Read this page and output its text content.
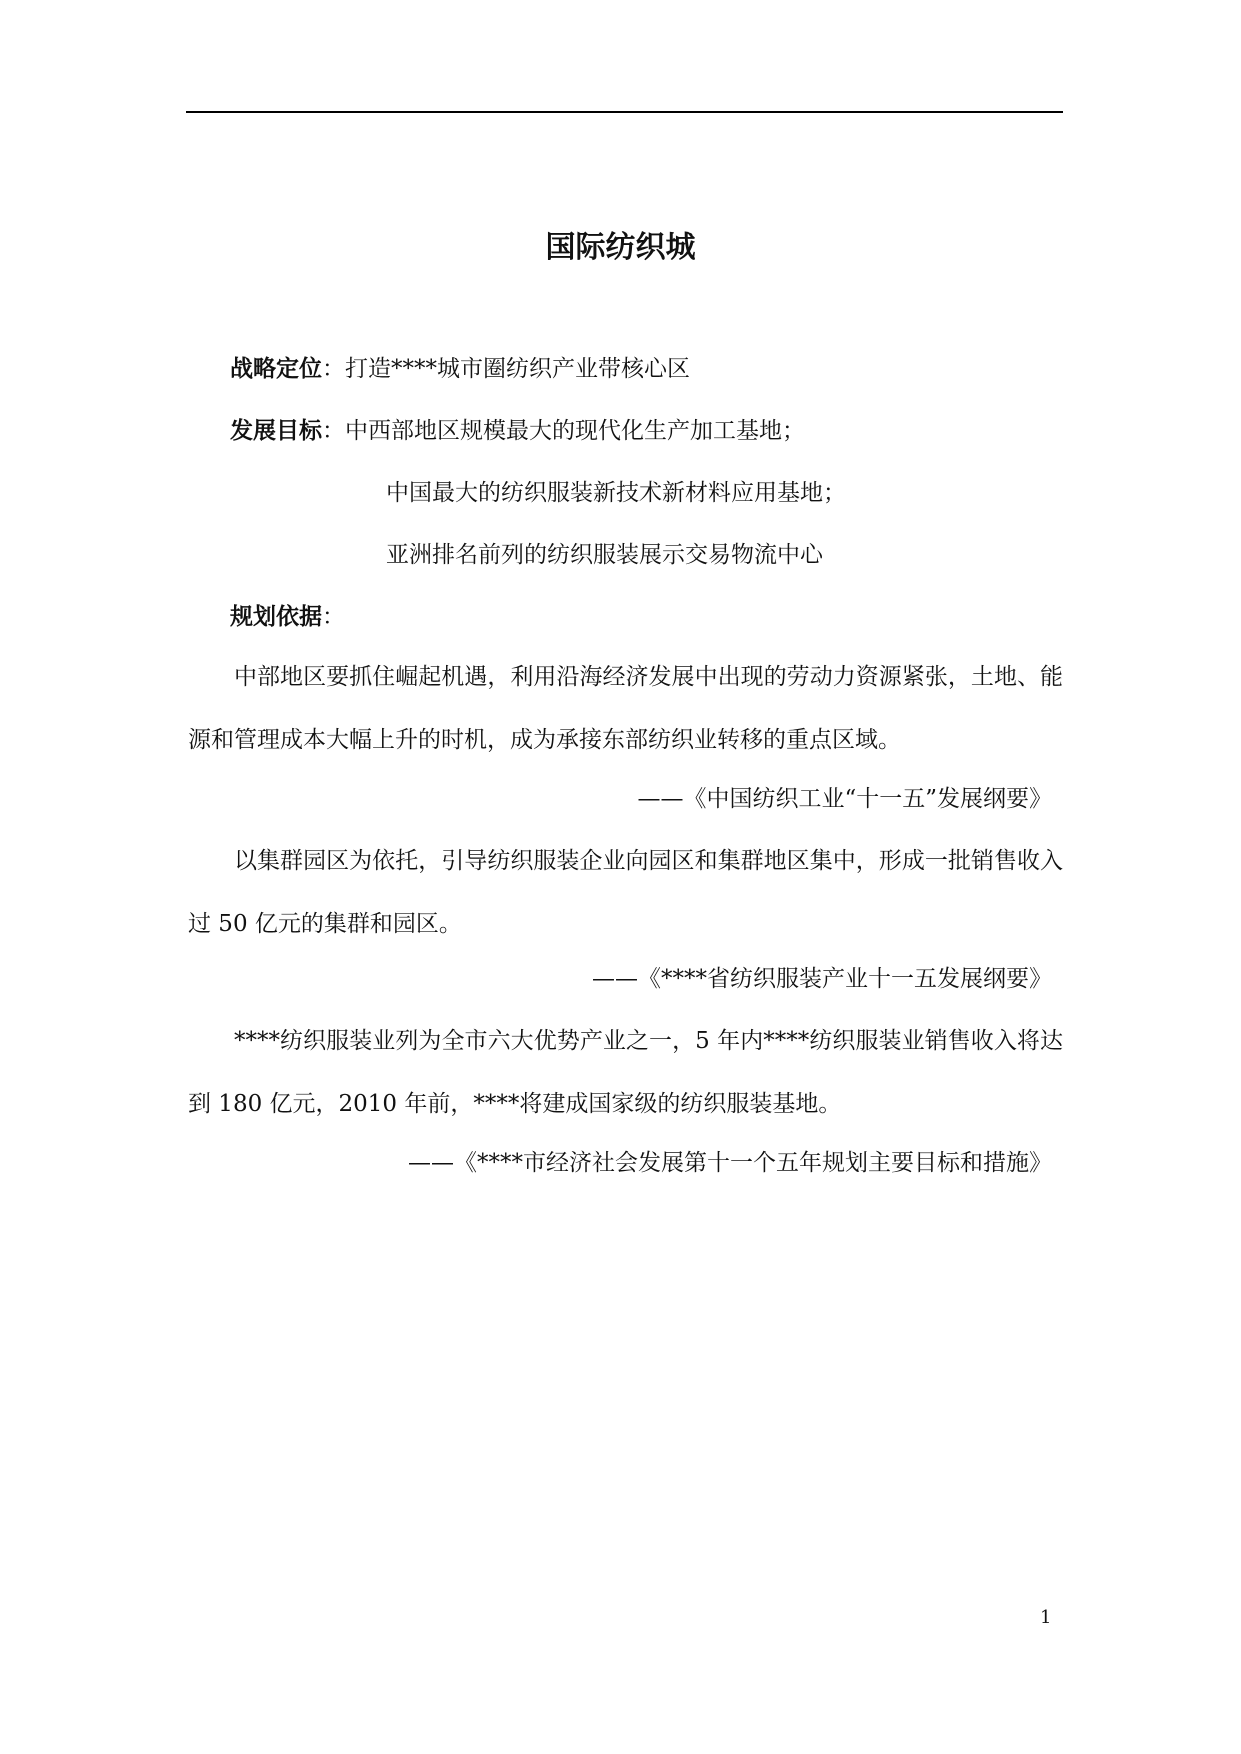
国际纺织城
战略定位：打造****城市圈纺织产业带核心区
发展目标：中西部地区规模最大的现代化生产加工基地；
中国最大的纺织服装新技术新材料应用基地；
亚洲排名前列的纺织服装展示交易物流中心
规划依据：
中部地区要抓住崛起机遇，利用沿海经济发展中出现的劳动力资源紧张，土地、能源和管理成本大幅上升的时机，成为承接东部纺织业转移的重点区域。
——《中国纺织工业“十一五”发展纲要》
以集群园区为依托，引导纺织服装企业向园区和集群地区集中，形成一批销售收入过 50 亿元的集群和园区。
——《****省纺织服装产业十一五发展纲要》
****纺织服装业列为全市六大优势产业之一，5 年内****纺织服装业销售收入将达到 180 亿元，2010 年前，****将建成国家级的纺织服装基地。
——《****市经济社会发展第十一个五年规划主要目标和措施》
1
